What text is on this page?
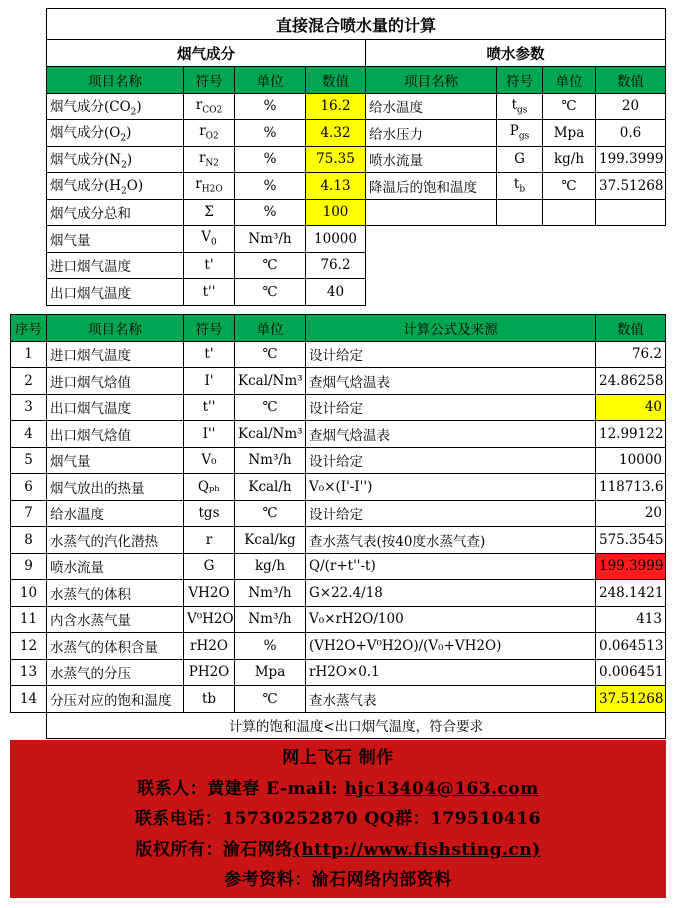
直接混合喷水量的计算							
烟气成分				喷水参数			
项目名称	符号	单位	数值	项目名称	符号	单位	数值
烟气成分$(CO_2)$	$r_{CO2}$	%	16.2	给水温度	$t_{gs}$	℃	20
烟气成分$(O_2)$	$r_{O2}$	%	4.32	给水压力	$P_{gs}$	Mpa	0.6
烟气成分$(N_2)$	$r_{N2}$	%	75.35	喷水流量	G	kg/h	199.3999
烟气成分$(H_2O)$	$r_{H2O}$	%	4.13	降温后的饱和温度	$t_b$	℃	37.51268
烟气成分总和	Σ	%	100				
烟气量	$V_0$	Nm³/h	10000				
进口烟气温度	t'	℃	76.2				
出口烟气温度	t''	℃	40				
序号	项目名称	符号	单位	计算公式及来源	数值
1	进口烟气温度	t'	℃	设计给定	76.2
2	进口烟气焓值	I'	Kcal/Nm³	查烟气焓温表	24.86258
3	出口烟气温度	t''	℃	设计给定	40
4	出口烟气焓值	I''	Kcal/Nm³	查烟气焓温表	12.99122
5	烟气量	V₀	Nm³/h	设计给定	10000
6	烟气放出的热量	Qₚₕ	Kcal/h	V₀×(I'-I'')	118713.6
7	给水温度	tgs	℃	设计给定	20
8	水蒸气的汽化潜热	r	Kcal/kg	查水蒸气表(按40度水蒸气查)	575.3545
9	喷水流量	G	kg/h	Q/(r+t''-t)	199.3999
10	水蒸气的体积	VH2O	Nm³/h	G×22.4/18	248.1421
11	内含水蒸气量	V⁰H2O	Nm³/h	V₀×rH2O/100	413
12	水蒸气的体积含量	rH2O	%	(VH2O+V⁰H2O)/(V₀+VH2O)	0.064513
13	水蒸气的分压	PH2O	Mpa	rH2O×0.1	0.006451
14	分压对应的饱和温度	tb	℃	查水蒸气表	37.51268
	计算的饱和温度<出口烟气温度，符合要求				
网上飞石 制作
联系人：黄建春 E-mail: hjc13404@163.com
联系电话：15730252870 QQ群：179510416
版权所有：渝石网络(http://www.fishsting.cn)
参考资料：渝石网络内部资料
